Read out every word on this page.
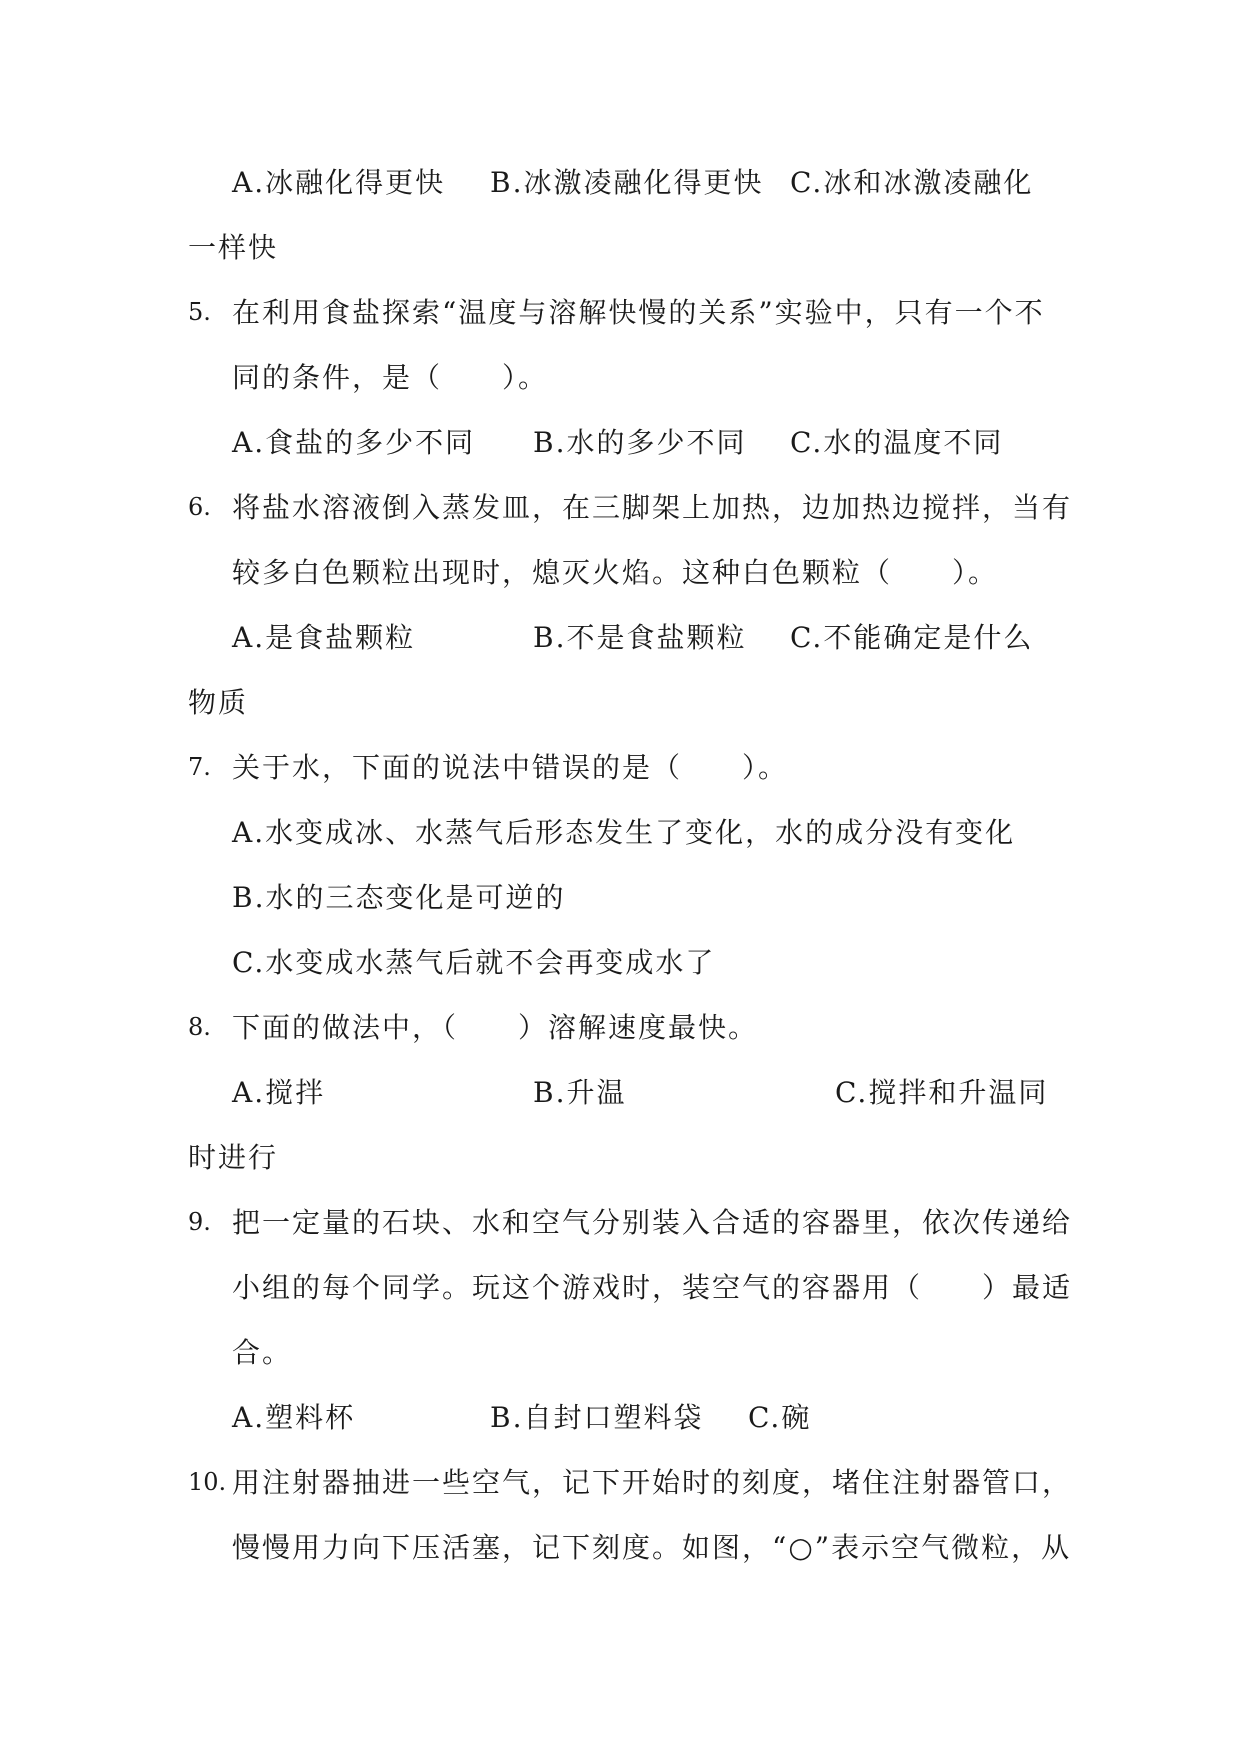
A.冰融化得更快 B.冰激凌融化得更快 C.冰和冰激凌融化
一样快
5. 在利用食盐探索“温度与溶解快慢的关系”实验中，只有一个不
同的条件，是（　　）。
A.食盐的多少不同 B.水的多少不同 C.水的温度不同
6. 将盐水溶液倒入蒸发皿，在三脚架上加热，边加热边搅拌，当有
较多白色颗粒出现时，熄灭火焰。这种白色颗粒（　　）。
A.是食盐颗粒	B.不是食盐颗粒 C.不能确定是什么
物质
7. 关于水，下面的说法中错误的是（　　）。
A.水变成冰、水蒸气后形态发生了变化，水的成分没有变化
B.水的三态变化是可逆的
C.水变成水蒸气后就不会再变成水了
8. 下面的做法中，（　　）溶解速度最快。
A.搅拌	B.升温	C.搅拌和升温同
时进行
9. 把一定量的石块、水和空气分别装入合适的容器里，依次传递给
小组的每个同学。玩这个游戏时，装空气的容器用（　　）最适
合。
A.塑料杯	B.自封口塑料袋 C.碗
10. 用注射器抽进一些空气，记下开始时的刻度，堵住注射器管口，
慢慢用力向下压活塞，记下刻度。如图，“○”表示空气微粒，从
